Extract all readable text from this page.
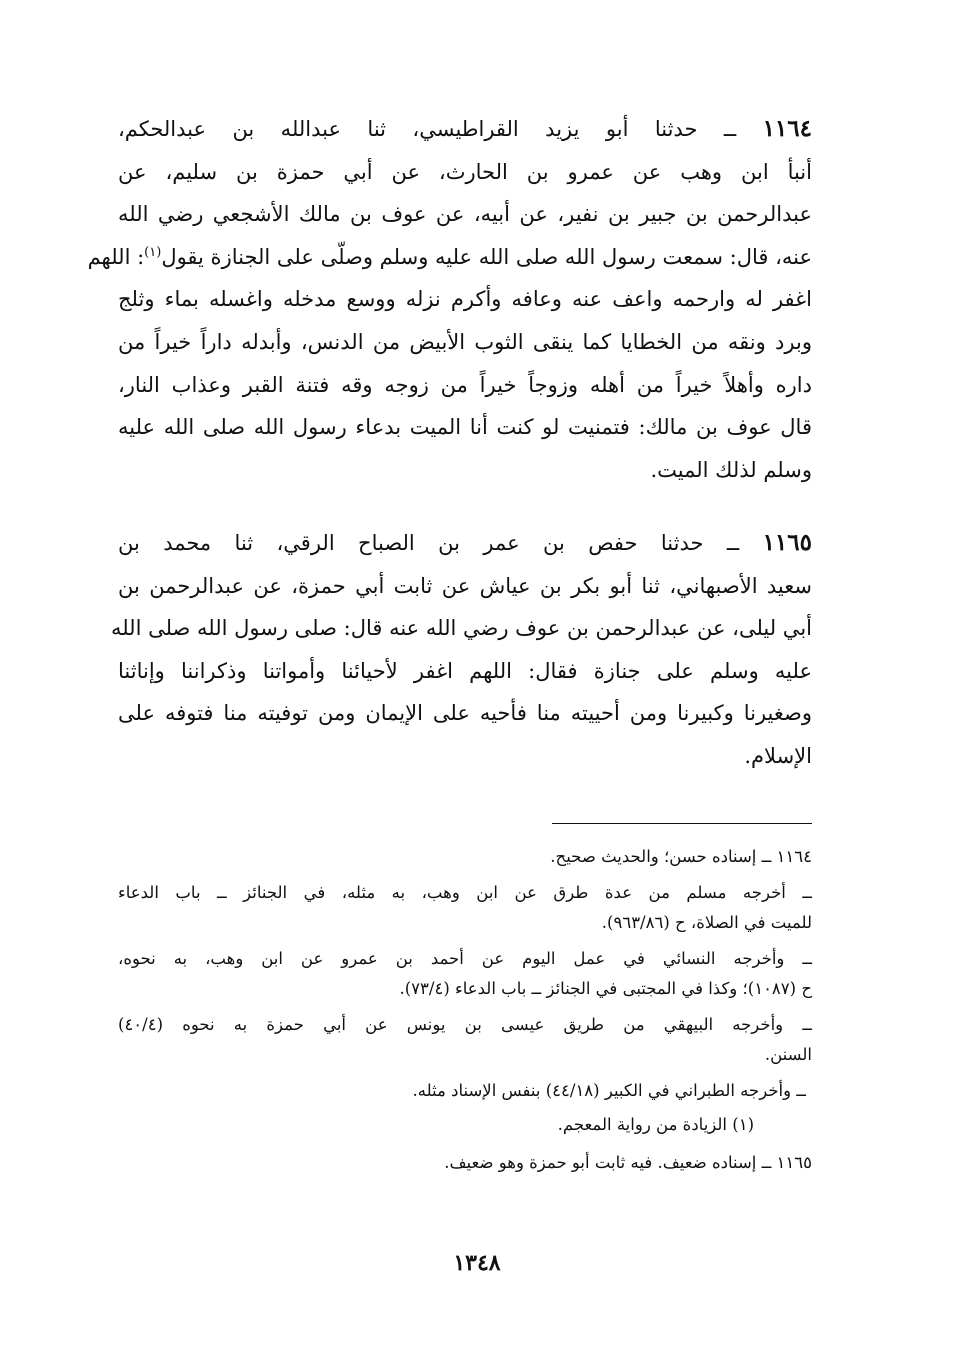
١١٦٤ ــ حدثنا أبو يزيد القراطيسي، ثنا عبدالله بن عبدالحكم،
أنبأ ابن وهب عن عمرو بن الحارث، عن أبي حمزة بن سليم، عن
عبدالرحمن بن جبير بن نفير، عن أبيه، عن عوف بن مالك الأشجعي رضي الله
عنه، قال: سمعت رسول الله صلى الله عليه وسلم وصلّى على الجنازة يقول$^{(١)}$: اللهم
اغفر له وارحمه واعف عنه وعافه وأكرم نزله ووسع مدخله واغسله بماء وثلج
وبرد ونقه من الخطايا كما ينقى الثوب الأبيض من الدنس، وأبدله داراً خيراً من
داره وأهلاً خيراً من أهله وزوجاً خيراً من زوجه وقه فتنة القبر وعذاب النار،
قال عوف بن مالك: فتمنيت لو كنت أنا الميت بدعاء رسول الله صلى الله عليه
وسلم لذلك الميت.
١١٦٥ ــ حدثنا حفص بن عمر بن الصباح الرقي، ثنا محمد بن
سعيد الأصبهاني، ثنا أبو بكر بن عياش عن ثابت أبي حمزة، عن عبدالرحمن بن
أبي ليلى، عن عبدالرحمن بن عوف رضي الله عنه قال: صلى رسول الله صلى الله
عليه وسلم على جنازة فقال: اللهم اغفر لأحيائنا وأمواتنا وذكراننا وإناثنا
وصغيرنا وكبيرنا ومن أحييته منا فأحيه على الإيمان ومن توفيته منا فتوفه على
الإسلام.
١١٦٤ ــ إسناده حسن؛ والحديث صحيح.
ــ أخرجه مسلم من عدة طرق عن ابن وهب، به مثله، في الجنائز ــ باب الدعاء
للميت في الصلاة، ح (٩٦٣/٨٦).
ــ وأخرجه النسائي في عمل اليوم عن أحمد بن عمرو عن ابن وهب، به نحوه،
ح (١٠٨٧)؛ وكذا في المجتبى في الجنائز ــ باب الدعاء (٧٣/٤).
ــ وأخرجه البيهقي من طريق عيسى بن يونس عن أبي حمزة به نحوه (٤٠/٤)
السنن.
ــ وأخرجه الطبراني في الكبير (٤٤/١٨) بنفس الإسناد مثله.
(١) الزيادة من رواية المعجم.
١١٦٥ ــ إسناده ضعيف. فيه ثابت أبو حمزة وهو ضعيف.
١٣٤٨
